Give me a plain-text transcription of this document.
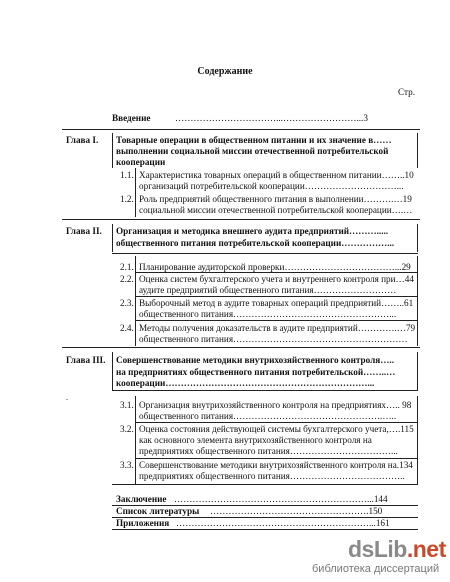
Содержание
Стр.
Введение	……………………………...……………………...3
Глава I. Товарные операции в общественном питании и их значение в……
выполнении социальной миссии отечественной потребительской
кооперации
1.1. Характеристика товарных операций в общественном питании……..10
организаций потребительской кооперации…………………………...
1.2. Роль предприятий общественного питания в выполнении……….…19
социальной миссии отечественной потребительской кооперации….…
Глава II. Организация и методика внешнего аудита предприятий……….....
общественного питания потребительской кооперации……………...
2.1. Планирование аудиторской проверки………………………………...29
2.2. Оценка систем бухгалтерского учета и внутреннего контроля при…44
аудите предприятий общественного питания………………………
2.3. Выборочный метод в аудите товарных операций предприятий……..61
общественного питания……………………………………………...
2.4. Методы получения доказательств в аудите предприятий………….…79
общественного питания…………………………………………………
Глава III. Совершенствование методики внутрихозяйственного контроля…..
на предприятиях общественного питания потребительской……..…
кооперации…………………………………………………………...
.
3.1. Организация внутрихозяйственного контроля на предприятиях….. 98
общественного питания………………………………………….…..
3.2. Оценка состояния действующей системы бухгалтерского учета,….115
как основного элемента внутрихозяйственного контроля на
предприятиях общественного питания……………………………...
3.3. Совершенствование методики внутрихозяйственного контроля на.134
предприятиях общественного питания………………………………..
Заключение ………………………………………………………...144
Список литературы …………………………………………….150
Приложения ………………………………………………………...161
dsLib.net
библиотека диссертаций
